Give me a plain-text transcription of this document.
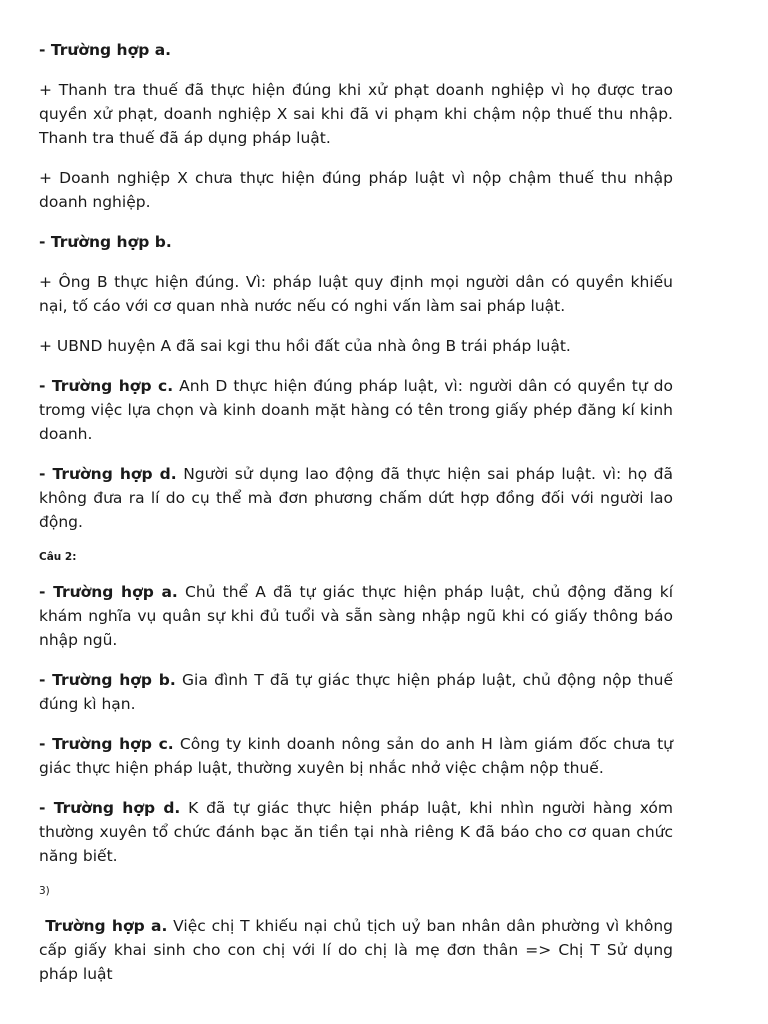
- Trường hợp a.

+ Thanh tra thuế đã thực hiện đúng khi xử phạt doanh nghiệp vì họ được trao quyền xử phạt, doanh nghiệp X sai khi đã vi phạm khi chậm nộp thuế thu nhập. Thanh tra thuế đã áp dụng pháp luật.

+ Doanh nghiệp X chưa thực hiện đúng pháp luật vì nộp chậm thuế thu nhập doanh nghiệp.

- Trường hợp b.

+ Ông B thực hiện đúng. Vì: pháp luật quy định mọi người dân có quyền khiếu nại, tố cáo với cơ quan nhà nước nếu có nghi vấn làm sai pháp luật.

+ UBND huyện A đã sai kgi thu hồi đất của nhà ông B trái pháp luật.

- Trường hợp c. Anh D thực hiện đúng pháp luật, vì: người dân có quyền tự do tromg việc lựa chọn và kinh doanh mặt hàng có tên trong giấy phép đăng kí kinh doanh.

- Trường hợp d. Người sử dụng lao động đã thực hiện sai pháp luật. vì: họ đã không đưa ra lí do cụ thể mà đơn phương chấm dứt hợp đồng đối với người lao động.

Câu 2:

- Trường hợp a. Chủ thể A đã tự giác thực hiện pháp luật, chủ động đăng kí khám nghĩa vụ quân sự khi đủ tuổi và sẵn sàng nhập ngũ khi có giấy thông báo nhập ngũ.

- Trường hợp b. Gia đình T đã tự giác thực hiện pháp luật, chủ động nộp thuế đúng kì hạn.

- Trường hợp c. Công ty kinh doanh nông sản do anh H làm giám đốc chưa tự giác thực hiện pháp luật, thường xuyên bị nhắc nhở việc chậm nộp thuế.

- Trường hợp d. K đã tự giác thực hiện pháp luật, khi nhìn người hàng xóm thường xuyên tổ chức đánh bạc ăn tiền tại nhà riêng K đã báo cho cơ quan chức năng biết.

3)

Trường hợp a. Việc chị T khiếu nại chủ tịch uỷ ban nhân dân phường vì không cấp giấy khai sinh cho con chị với lí do chị là mẹ đơn thân => Chị T Sử dụng pháp luật
